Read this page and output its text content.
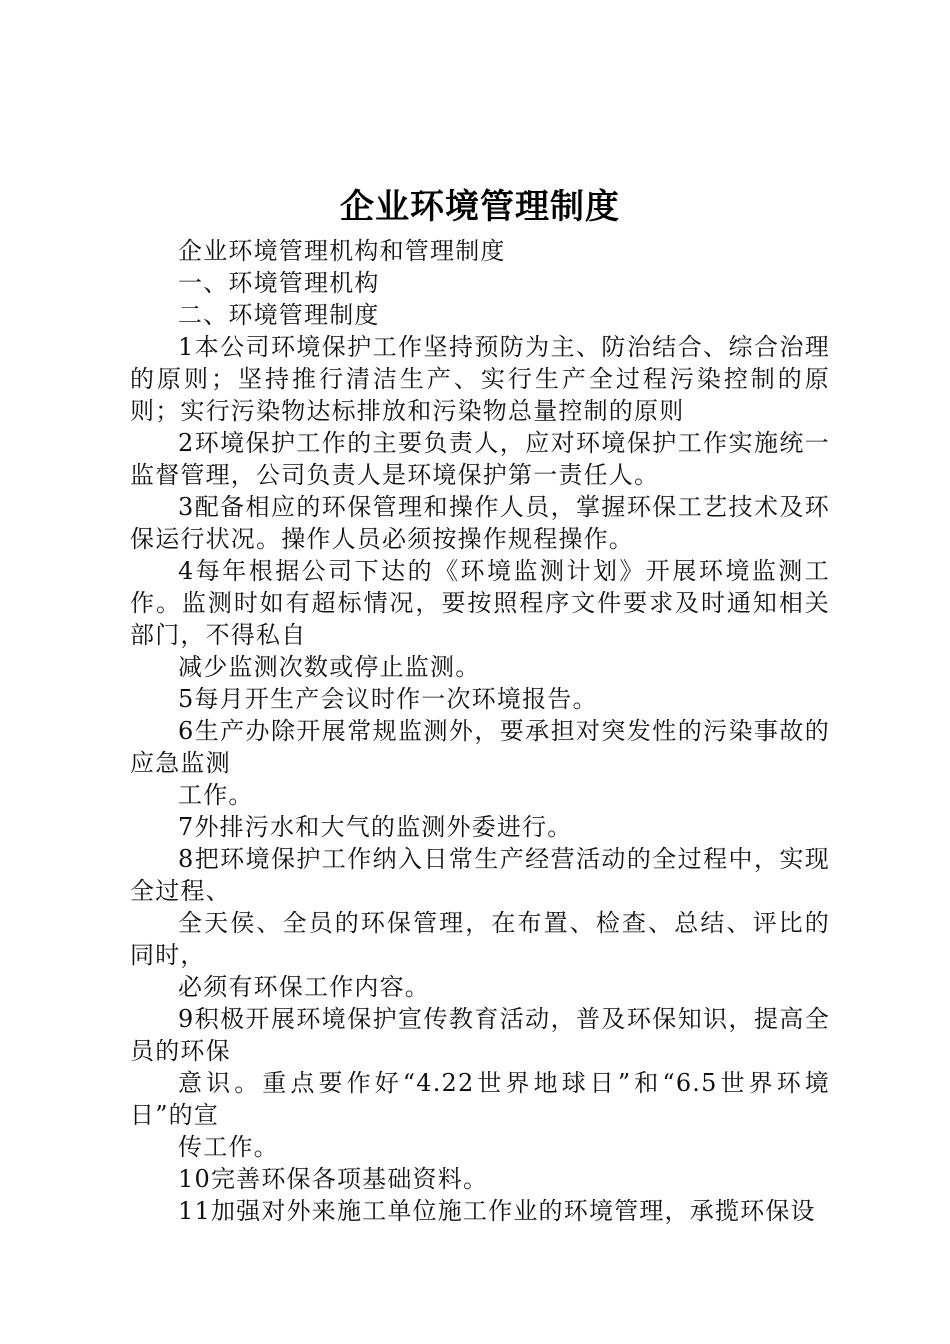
企业环境管理制度

企业环境管理机构和管理制度

一、环境管理机构

二、环境管理制度

1本公司环境保护工作坚持预防为主、防治结合、综合治理的原则；坚持推行清洁生产、实行生产全过程污染控制的原则；实行污染物达标排放和污染物总量控制的原则

2环境保护工作的主要负责人，应对环境保护工作实施统一监督管理，公司负责人是环境保护第一责任人。

3配备相应的环保管理和操作人员，掌握环保工艺技术及环保运行状况。操作人员必须按操作规程操作。

4每年根据公司下达的《环境监测计划》开展环境监测工作。监测时如有超标情况，要按照程序文件要求及时通知相关部门，不得私自

减少监测次数或停止监测。

5每月开生产会议时作一次环境报告。

6生产办除开展常规监测外，要承担对突发性的污染事故的应急监测

工作。

7外排污水和大气的监测外委进行。

8把环境保护工作纳入日常生产经营活动的全过程中，实现全过程、

全天侯、全员的环保管理，在布置、检查、总结、评比的同时，

必须有环保工作内容。

9积极开展环境保护宣传教育活动，普及环保知识，提高全员的环保

意识。重点要作好“4.22世界地球日”和“6.5世界环境日”的宣

传工作。

10完善环保各项基础资料。

11加强对外来施工单位施工作业的环境管理，承揽环保设
